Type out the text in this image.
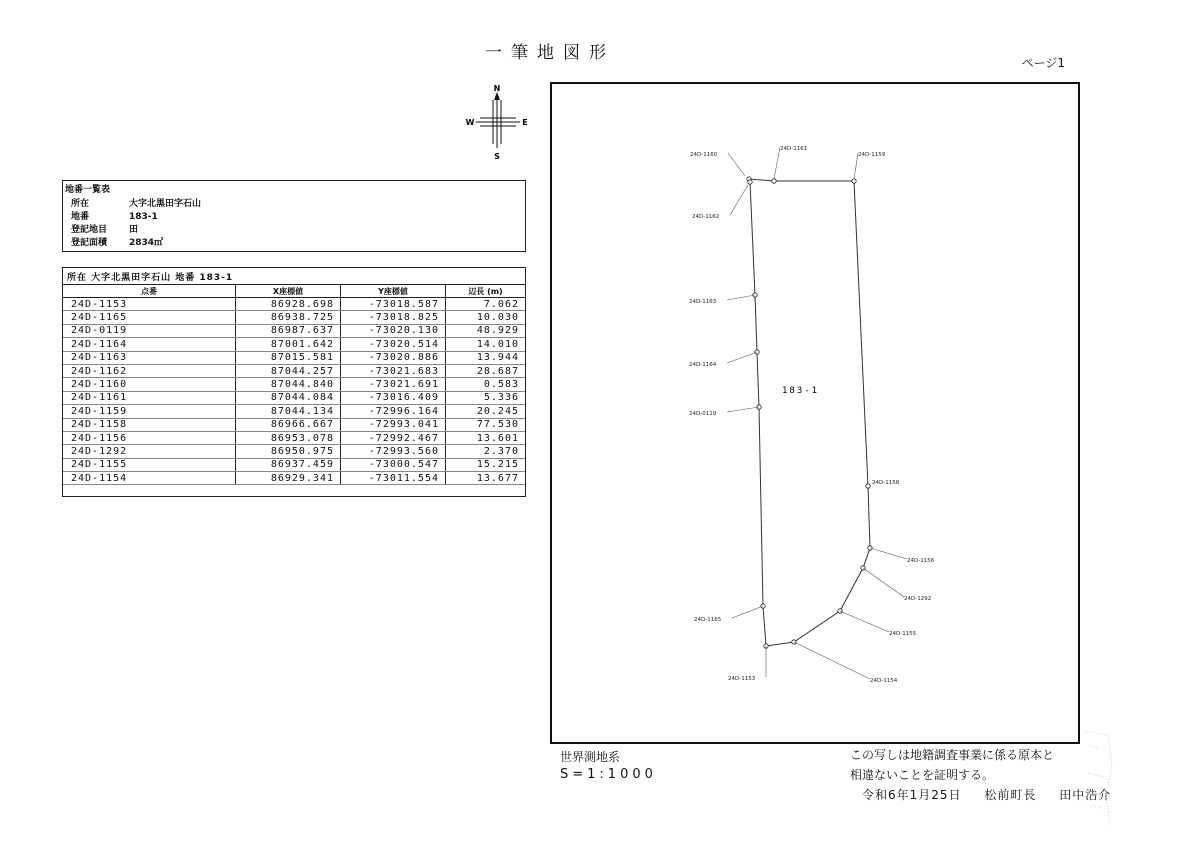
一筆地図形	ページ1
N
S
E
W
地番一覧表
所在	大字北黒田字石山
地番	183-1
登記地目 田
登記面積 2834㎡
所在 大字北黒田字石山 地番 183-1
点番	X座標値	Y座標値	辺長 (m)
24D-1153	86928.698	-73018.587	7.062
24D-1165	86938.725	-73018.825	10.030
24D-0119	86987.637	-73020.130	48.929
24D-1164	87001.642	-73020.514	14.010
24D-1163	87015.581	-73020.886	13.944
24D-1162	87044.257	-73021.683	28.687
24D-1160	87044.840	-73021.691	0.583
24D-1161	87044.084	-73016.409	5.336
24D-1159	87044.134	-72996.164	20.245
24D-1158	86966.667	-72993.041	77.530
24D-1156	86953.078	-72992.467	13.601
24D-1292	86950.975	-72993.560	2.370
24D-1155	86937.459	-73000.547	15.215
24D-1154	86929.341	-73011.554	13.677
24D-1160
24D-1161
24D-1159
24D-1162
24D-1163
24D-1164
24D-0119
24D-1158
24D-1156
24D-1292
24D-1155
24D-1165
24D-1153	24D-1154
183-1
世界測地系
S=1:1000
この写しは地籍調査事業に係る原本と
相違ないことを証明する。
令和6年1月25日 松前町長 田中浩介
